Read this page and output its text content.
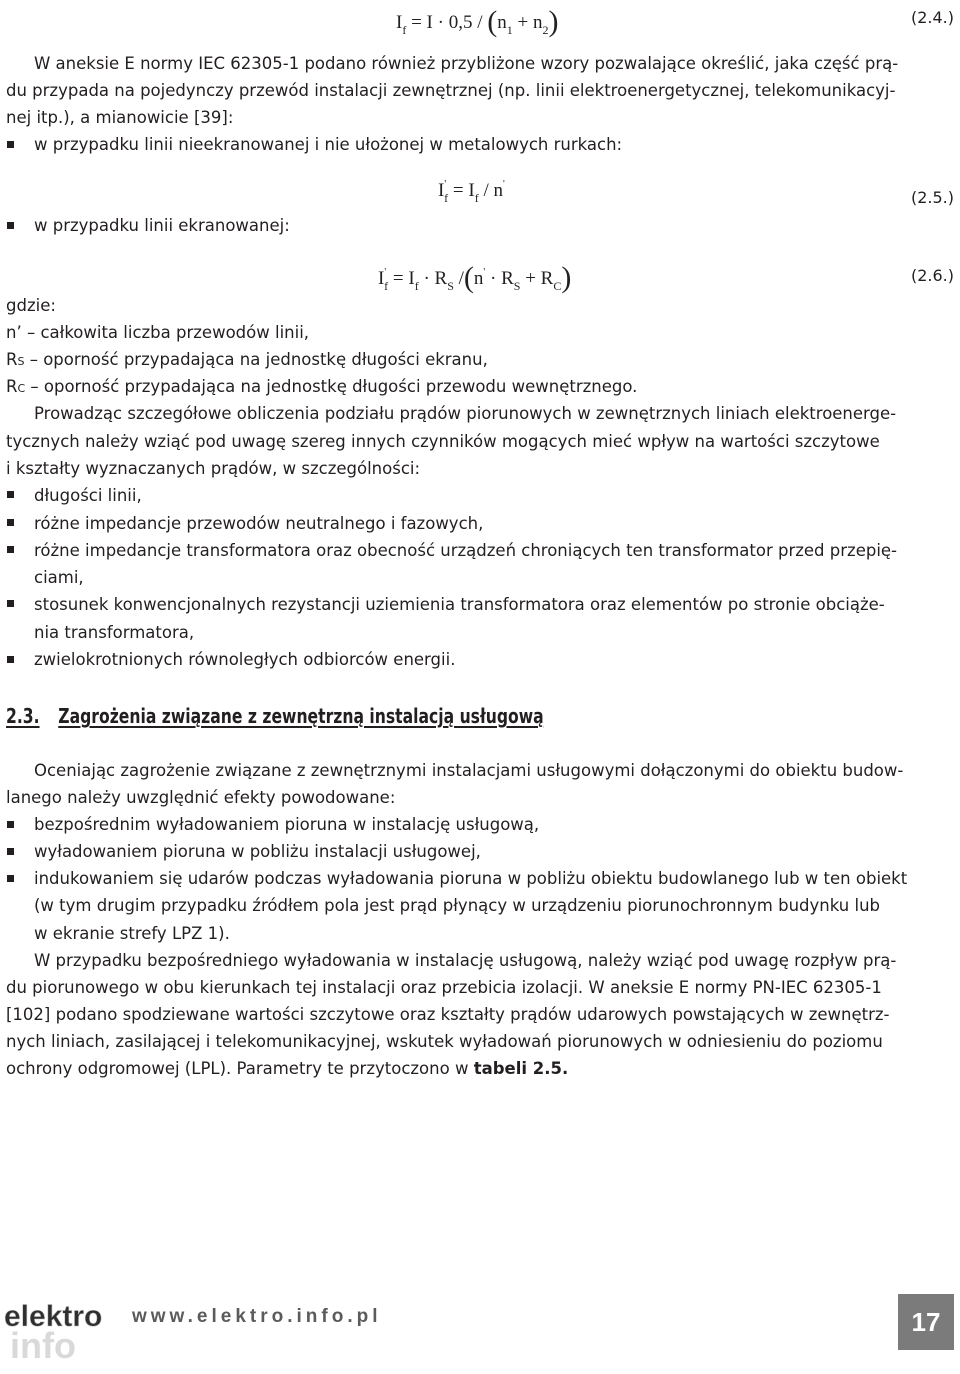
$I_f = I \cdot 0,5 / (n_1 + n_2)$	(2.4.)
W aneksie E normy IEC 62305-1 podano również przybliżone wzory pozwalające określić, jaka część prą-
du przypada na pojedynczy przewód instalacji zewnętrznej (np. linii elektroenergetycznej, telekomunikacyj-
nej itp.), a mianowicie [39]:
w przypadku linii nieekranowanej i nie ułożonej w metalowych rurkach:
$I'_f = I_f / n'$
(2.5.)
w przypadku linii ekranowanej:
$I'_f = I_f \cdot R_S$ $/(n' \cdot R_S + R_C)$	(2.6.)
gdzie:
n’ – całkowita liczba przewodów linii,
RS – oporność przypadająca na jednostkę długości ekranu,
RC – oporność przypadająca na jednostkę długości przewodu wewnętrznego.
Prowadząc szczegółowe obliczenia podziału prądów piorunowych w zewnętrznych liniach elektroenerge-
tycznych należy wziąć pod uwagę szereg innych czynników mogących mieć wpływ na wartości szczytowe
i kształty wyznaczanych prądów, w szczególności:
długości linii,
różne impedancje przewodów neutralnego i fazowych,
różne impedancje transformatora oraz obecność urządzeń chroniących ten transformator przed przepię-
ciami,
stosunek konwencjonalnych rezystancji uziemienia transformatora oraz elementów po stronie obciąże-
nia transformatora,
zwielokrotnionych równoległych odbiorców energii.
2.3. Zagrożenia związane z zewnętrzną instalacją usługową
Oceniając zagrożenie związane z zewnętrznymi instalacjami usługowymi dołączonymi do obiektu budow-
lanego należy uwzględnić efekty powodowane:
bezpośrednim wyładowaniem pioruna w instalację usługową,
wyładowaniem pioruna w pobliżu instalacji usługowej,
indukowaniem się udarów podczas wyładowania pioruna w pobliżu obiektu budowlanego lub w ten obiekt
(w tym drugim przypadku źródłem pola jest prąd płynący w urządzeniu piorunochronnym budynku lub
w ekranie strefy LPZ 1).
W przypadku bezpośredniego wyładowania w instalację usługową, należy wziąć pod uwagę rozpływ prą-
du piorunowego w obu kierunkach tej instalacji oraz przebicia izolacji. W aneksie E normy PN-IEC 62305-1
[102] podano spodziewane wartości szczytowe oraz kształty prądów udarowych powstających w zewnętrz-
nych liniach, zasilającej i telekomunikacyjnej, wskutek wyładowań piorunowych w odniesieniu do poziomu
ochrony odgromowej (LPL). Parametry te przytoczono w tabeli 2.5.
elektro
info
www.elektro.info.pl	17
